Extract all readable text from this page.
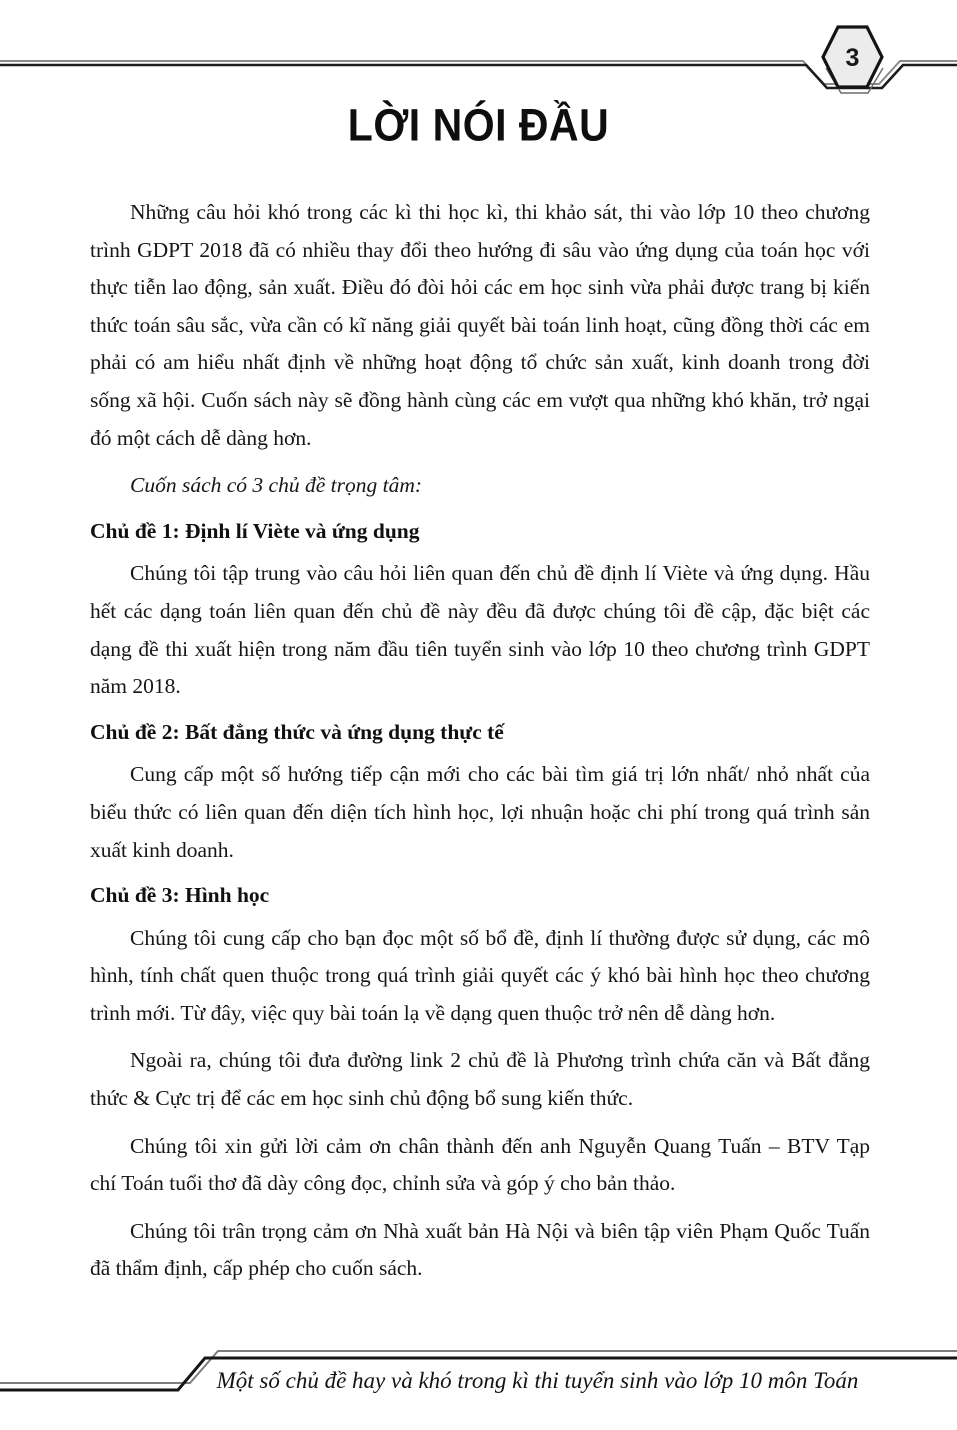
3
LỜI NÓI ĐẦU

Những câu hỏi khó trong các kì thi học kì, thi khảo sát, thi vào lớp 10 theo chương trình GDPT 2018 đã có nhiều thay đổi theo hướng đi sâu vào ứng dụng của toán học với thực tiễn lao động, sản xuất. Điều đó đòi hỏi các em học sinh vừa phải được trang bị kiến thức toán sâu sắc, vừa cần có kĩ năng giải quyết bài toán linh hoạt, cũng đồng thời các em phải có am hiểu nhất định về những hoạt động tổ chức sản xuất, kinh doanh trong đời sống xã hội. Cuốn sách này sẽ đồng hành cùng các em vượt qua những khó khăn, trở ngại đó một cách dễ dàng hơn.

Cuốn sách có 3 chủ đề trọng tâm:

Chủ đề 1: Định lí Viète và ứng dụng

Chúng tôi tập trung vào câu hỏi liên quan đến chủ đề định lí Viète và ứng dụng. Hầu hết các dạng toán liên quan đến chủ đề này đều đã được chúng tôi đề cập, đặc biệt các dạng đề thi xuất hiện trong năm đầu tiên tuyển sinh vào lớp 10 theo chương trình GDPT năm 2018.

Chủ đề 2: Bất đẳng thức và ứng dụng thực tế

Cung cấp một số hướng tiếp cận mới cho các bài tìm giá trị lớn nhất/ nhỏ nhất của biểu thức có liên quan đến diện tích hình học, lợi nhuận hoặc chi phí trong quá trình sản xuất kinh doanh.

Chủ đề 3: Hình học

Chúng tôi cung cấp cho bạn đọc một số bổ đề, định lí thường được sử dụng, các mô hình, tính chất quen thuộc trong quá trình giải quyết các ý khó bài hình học theo chương trình mới. Từ đây, việc quy bài toán lạ về dạng quen thuộc trở nên dễ dàng hơn.

Ngoài ra, chúng tôi đưa đường link 2 chủ đề là Phương trình chứa căn và Bất đẳng thức & Cực trị để các em học sinh chủ động bổ sung kiến thức.

Chúng tôi xin gửi lời cảm ơn chân thành đến anh Nguyễn Quang Tuấn – BTV Tạp chí Toán tuổi thơ đã dày công đọc, chỉnh sửa và góp ý cho bản thảo.

Chúng tôi trân trọng cảm ơn Nhà xuất bản Hà Nội và biên tập viên Phạm Quốc Tuấn đã thẩm định, cấp phép cho cuốn sách.

Một số chủ đề hay và khó trong kì thi tuyển sinh vào lớp 10 môn Toán
